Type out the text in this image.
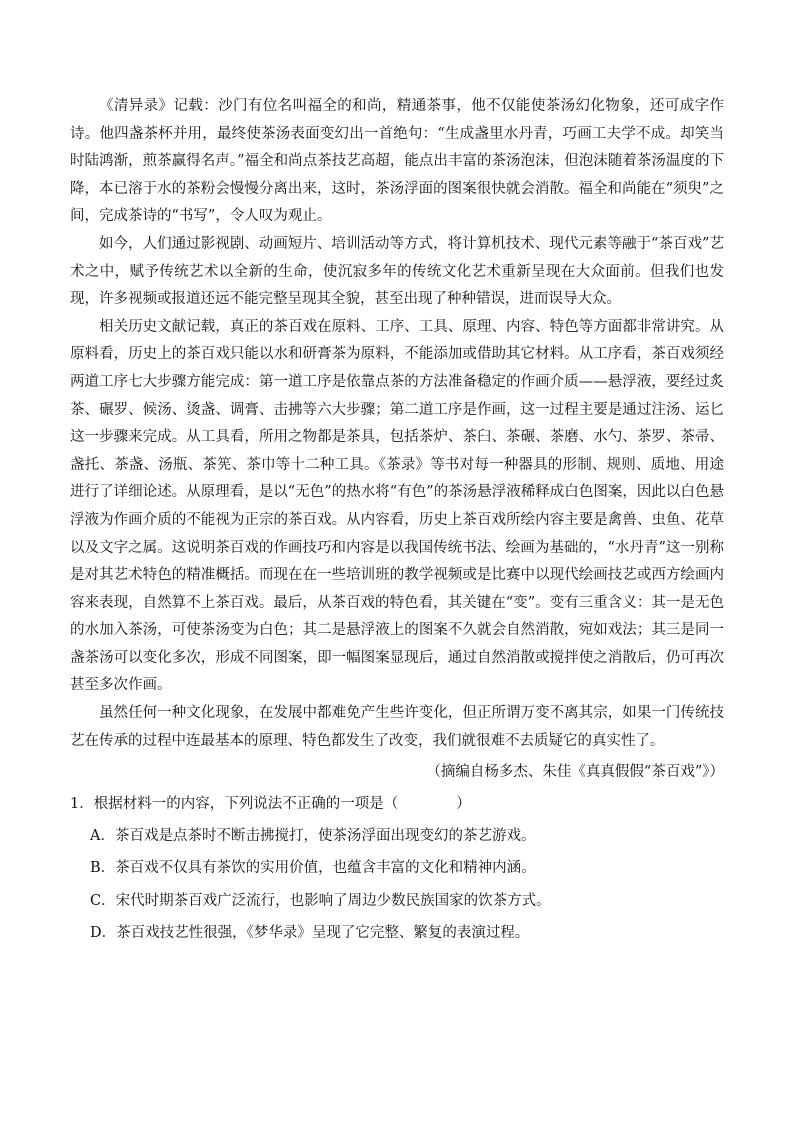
《清异录》记载：沙门有位名叫福全的和尚，精通茶事，他不仅能使茶汤幻化物象，还可成字作诗。他四盏茶杯并用，最终使茶汤表面变幻出一首绝句：“生成盏里水丹青，巧画工夫学不成。却笑当时陆鸿渐，煎茶赢得名声。”福全和尚点茶技艺高超，能点出丰富的茶汤泡沫，但泡沫随着茶汤温度的下降，本已溶于水的茶粉会慢慢分离出来，这时，茶汤浮面的图案很快就会消散。福全和尚能在“须臾”之间，完成茶诗的“书写”，令人叹为观止。

如今，人们通过影视剧、动画短片、培训活动等方式，将计算机技术、现代元素等融于“茶百戏”艺术之中，赋予传统艺术以全新的生命，使沉寂多年的传统文化艺术重新呈现在大众面前。但我们也发现，许多视频或报道还远不能完整呈现其全貌，甚至出现了种种错误，进而误导大众。

相关历史文献记载，真正的茶百戏在原料、工序、工具、原理、内容、特色等方面都非常讲究。从原料看，历史上的茶百戏只能以水和研膏茶为原料，不能添加或借助其它材料。从工序看，茶百戏须经两道工序七大步骤方能完成：第一道工序是依靠点茶的方法准备稳定的作画介质——悬浮液，要经过炙茶、碾罗、候汤、烫盏、调膏、击拂等六大步骤；第二道工序是作画，这一过程主要是通过注汤、运匕这一步骤来完成。从工具看，所用之物都是茶具，包括茶炉、茶臼、茶碾、茶磨、水勺、茶罗、茶帚、盏托、茶盏、汤瓶、茶筅、茶巾等十二种工具。《茶录》等书对每一种器具的形制、规则、质地、用途进行了详细论述。从原理看，是以“无色”的热水将“有色”的茶汤悬浮液稀释成白色图案，因此以白色悬浮液为作画介质的不能视为正宗的茶百戏。从内容看，历史上茶百戏所绘内容主要是禽兽、虫鱼、花草以及文字之属。这说明茶百戏的作画技巧和内容是以我国传统书法、绘画为基础的，“水丹青”这一别称是对其艺术特色的精准概括。而现在在一些培训班的教学视频或是比赛中以现代绘画技艺或西方绘画内容来表现，自然算不上茶百戏。最后，从茶百戏的特色看，其关键在“变”。变有三重含义：其一是无色的水加入茶汤，可使茶汤变为白色；其二是悬浮液上的图案不久就会自然消散，宛如戏法；其三是同一盏茶汤可以变化多次，形成不同图案，即一幅图案显现后，通过自然消散或搅拌使之消散后，仍可再次甚至多次作画。

虽然任何一种文化现象，在发展中都难免产生些许变化，但正所谓万变不离其宗，如果一门传统技艺在传承的过程中连最基本的原理、特色都发生了改变，我们就很难不去质疑它的真实性了。

（摘编自杨多杰、朱佳《真真假假“茶百戏”》）

1．根据材料一的内容，下列说法不正确的一项是（　　　　）

A．茶百戏是点茶时不断击拂搅打，使茶汤浮面出现变幻的茶艺游戏。

B．茶百戏不仅具有茶饮的实用价值，也蕴含丰富的文化和精神内涵。

C．宋代时期茶百戏广泛流行，也影响了周边少数民族国家的饮茶方式。

D．茶百戏技艺性很强，《梦华录》呈现了它完整、繁复的表演过程。
